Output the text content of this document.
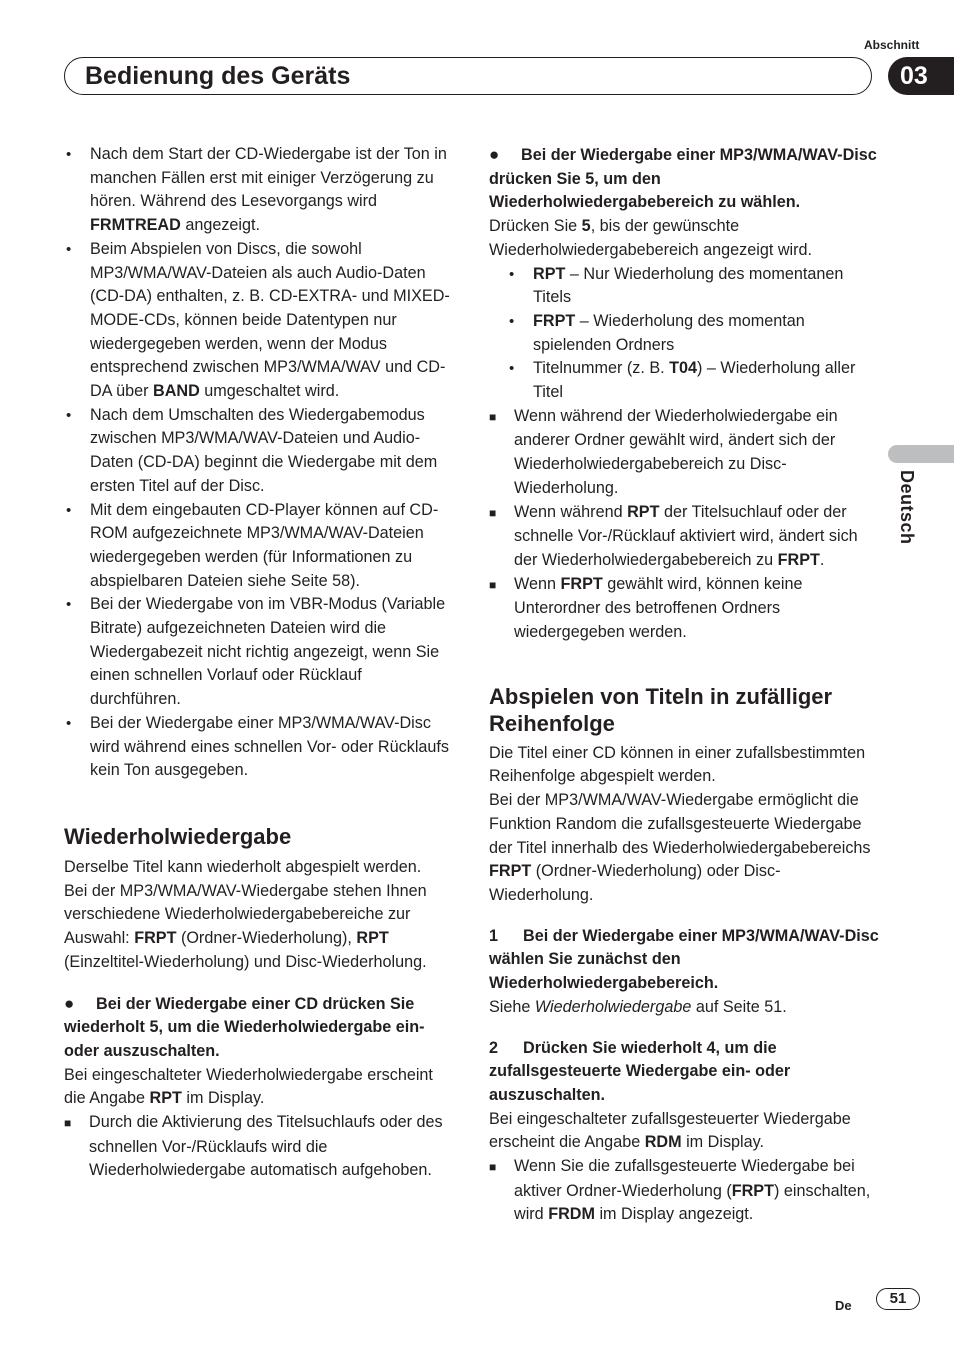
Abschnitt
Bedienung des Geräts	03
Deutsch
• Nach dem Start der CD-Wiedergabe ist der Ton in manchen Fällen erst mit einiger Verzögerung zu hören. Während des Lesevorgangs wird FRMTREAD angezeigt.
• Beim Abspielen von Discs, die sowohl MP3/WMA/WAV-Dateien als auch Audio-Daten (CD-DA) enthalten, z. B. CD-EXTRA- und MIXED-MODE-CDs, können beide Datentypen nur wiedergegeben werden, wenn der Modus entsprechend zwischen MP3/WMA/WAV und CD-DA über BAND umgeschaltet wird.
• Nach dem Umschalten des Wiedergabemodus zwischen MP3/WMA/WAV-Dateien und Audio-Daten (CD-DA) beginnt die Wiedergabe mit dem ersten Titel auf der Disc.
• Mit dem eingebauten CD-Player können auf CD-ROM aufgezeichnete MP3/WMA/WAV-Dateien wiedergegeben werden (für Informationen zu abspielbaren Dateien siehe Seite 58).
• Bei der Wiedergabe von im VBR-Modus (Variable Bitrate) aufgezeichneten Dateien wird die Wiedergabezeit nicht richtig angezeigt, wenn Sie einen schnellen Vorlauf oder Rücklauf durchführen.
• Bei der Wiedergabe einer MP3/WMA/WAV-Disc wird während eines schnellen Vor- oder Rücklaufs kein Ton ausgegeben.
Wiederholwiedergabe

Derselbe Titel kann wiederholt abgespielt werden.

Bei der MP3/WMA/WAV-Wiedergabe stehen Ihnen verschiedene Wiederholwiedergabebereiche zur Auswahl: FRPT (Ordner-Wiederholung), RPT (Einzeltitel-Wiederholung) und Disc-Wiederholung.

● Bei der Wiedergabe einer CD drücken Sie wiederholt 5, um die Wiederholwiedergabe ein- oder auszuschalten.

Bei eingeschalteter Wiederholwiedergabe erscheint die Angabe RPT im Display.

■ Durch die Aktivierung des Titelsuchlaufs oder des schnellen Vor-/Rücklaufs wird die Wiederholwiedergabe automatisch aufgehoben.

● Bei der Wiedergabe einer MP3/WMA/WAV-Disc drücken Sie 5, um den Wiederholwiedergabebereich zu wählen.

Drücken Sie 5, bis der gewünschte Wiederholwiedergabebereich angezeigt wird.

• RPT – Nur Wiederholung des momentanen Titels
• FRPT – Wiederholung des momentan spielenden Ordners
• Titelnummer (z. B. T04) – Wiederholung aller Titel

■ Wenn während der Wiederholwiedergabe ein anderer Ordner gewählt wird, ändert sich der Wiederholwiedergabebereich zu Disc-Wiederholung.

■ Wenn während RPT der Titelsuchlauf oder der schnelle Vor-/Rücklauf aktiviert wird, ändert sich der Wiederholwiedergabebereich zu FRPT.

■ Wenn FRPT gewählt wird, können keine Unterordner des betroffenen Ordners wiedergegeben werden.

Abspielen von Titeln in zufälliger Reihenfolge

Die Titel einer CD können in einer zufallsbestimmten Reihenfolge abgespielt werden.

Bei der MP3/WMA/WAV-Wiedergabe ermöglicht die Funktion Random die zufallsgesteuerte Wiedergabe der Titel innerhalb des Wiederholwiedergabebereichs FRPT (Ordner-Wiederholung) oder Disc-Wiederholung.

1 Bei der Wiedergabe einer MP3/WMA/WAV-Disc wählen Sie zunächst den Wiederholwiedergabebereich.

Siehe Wiederholwiedergabe auf Seite 51.

2 Drücken Sie wiederholt 4, um die zufallsgesteuerte Wiedergabe ein- oder auszuschalten.

Bei eingeschalteter zufallsgesteuerter Wiedergabe erscheint die Angabe RDM im Display.

■ Wenn Sie die zufallsgesteuerte Wiedergabe bei aktiver Ordner-Wiederholung (FRPT) einschalten, wird FRDM im Display angezeigt.

De	51
